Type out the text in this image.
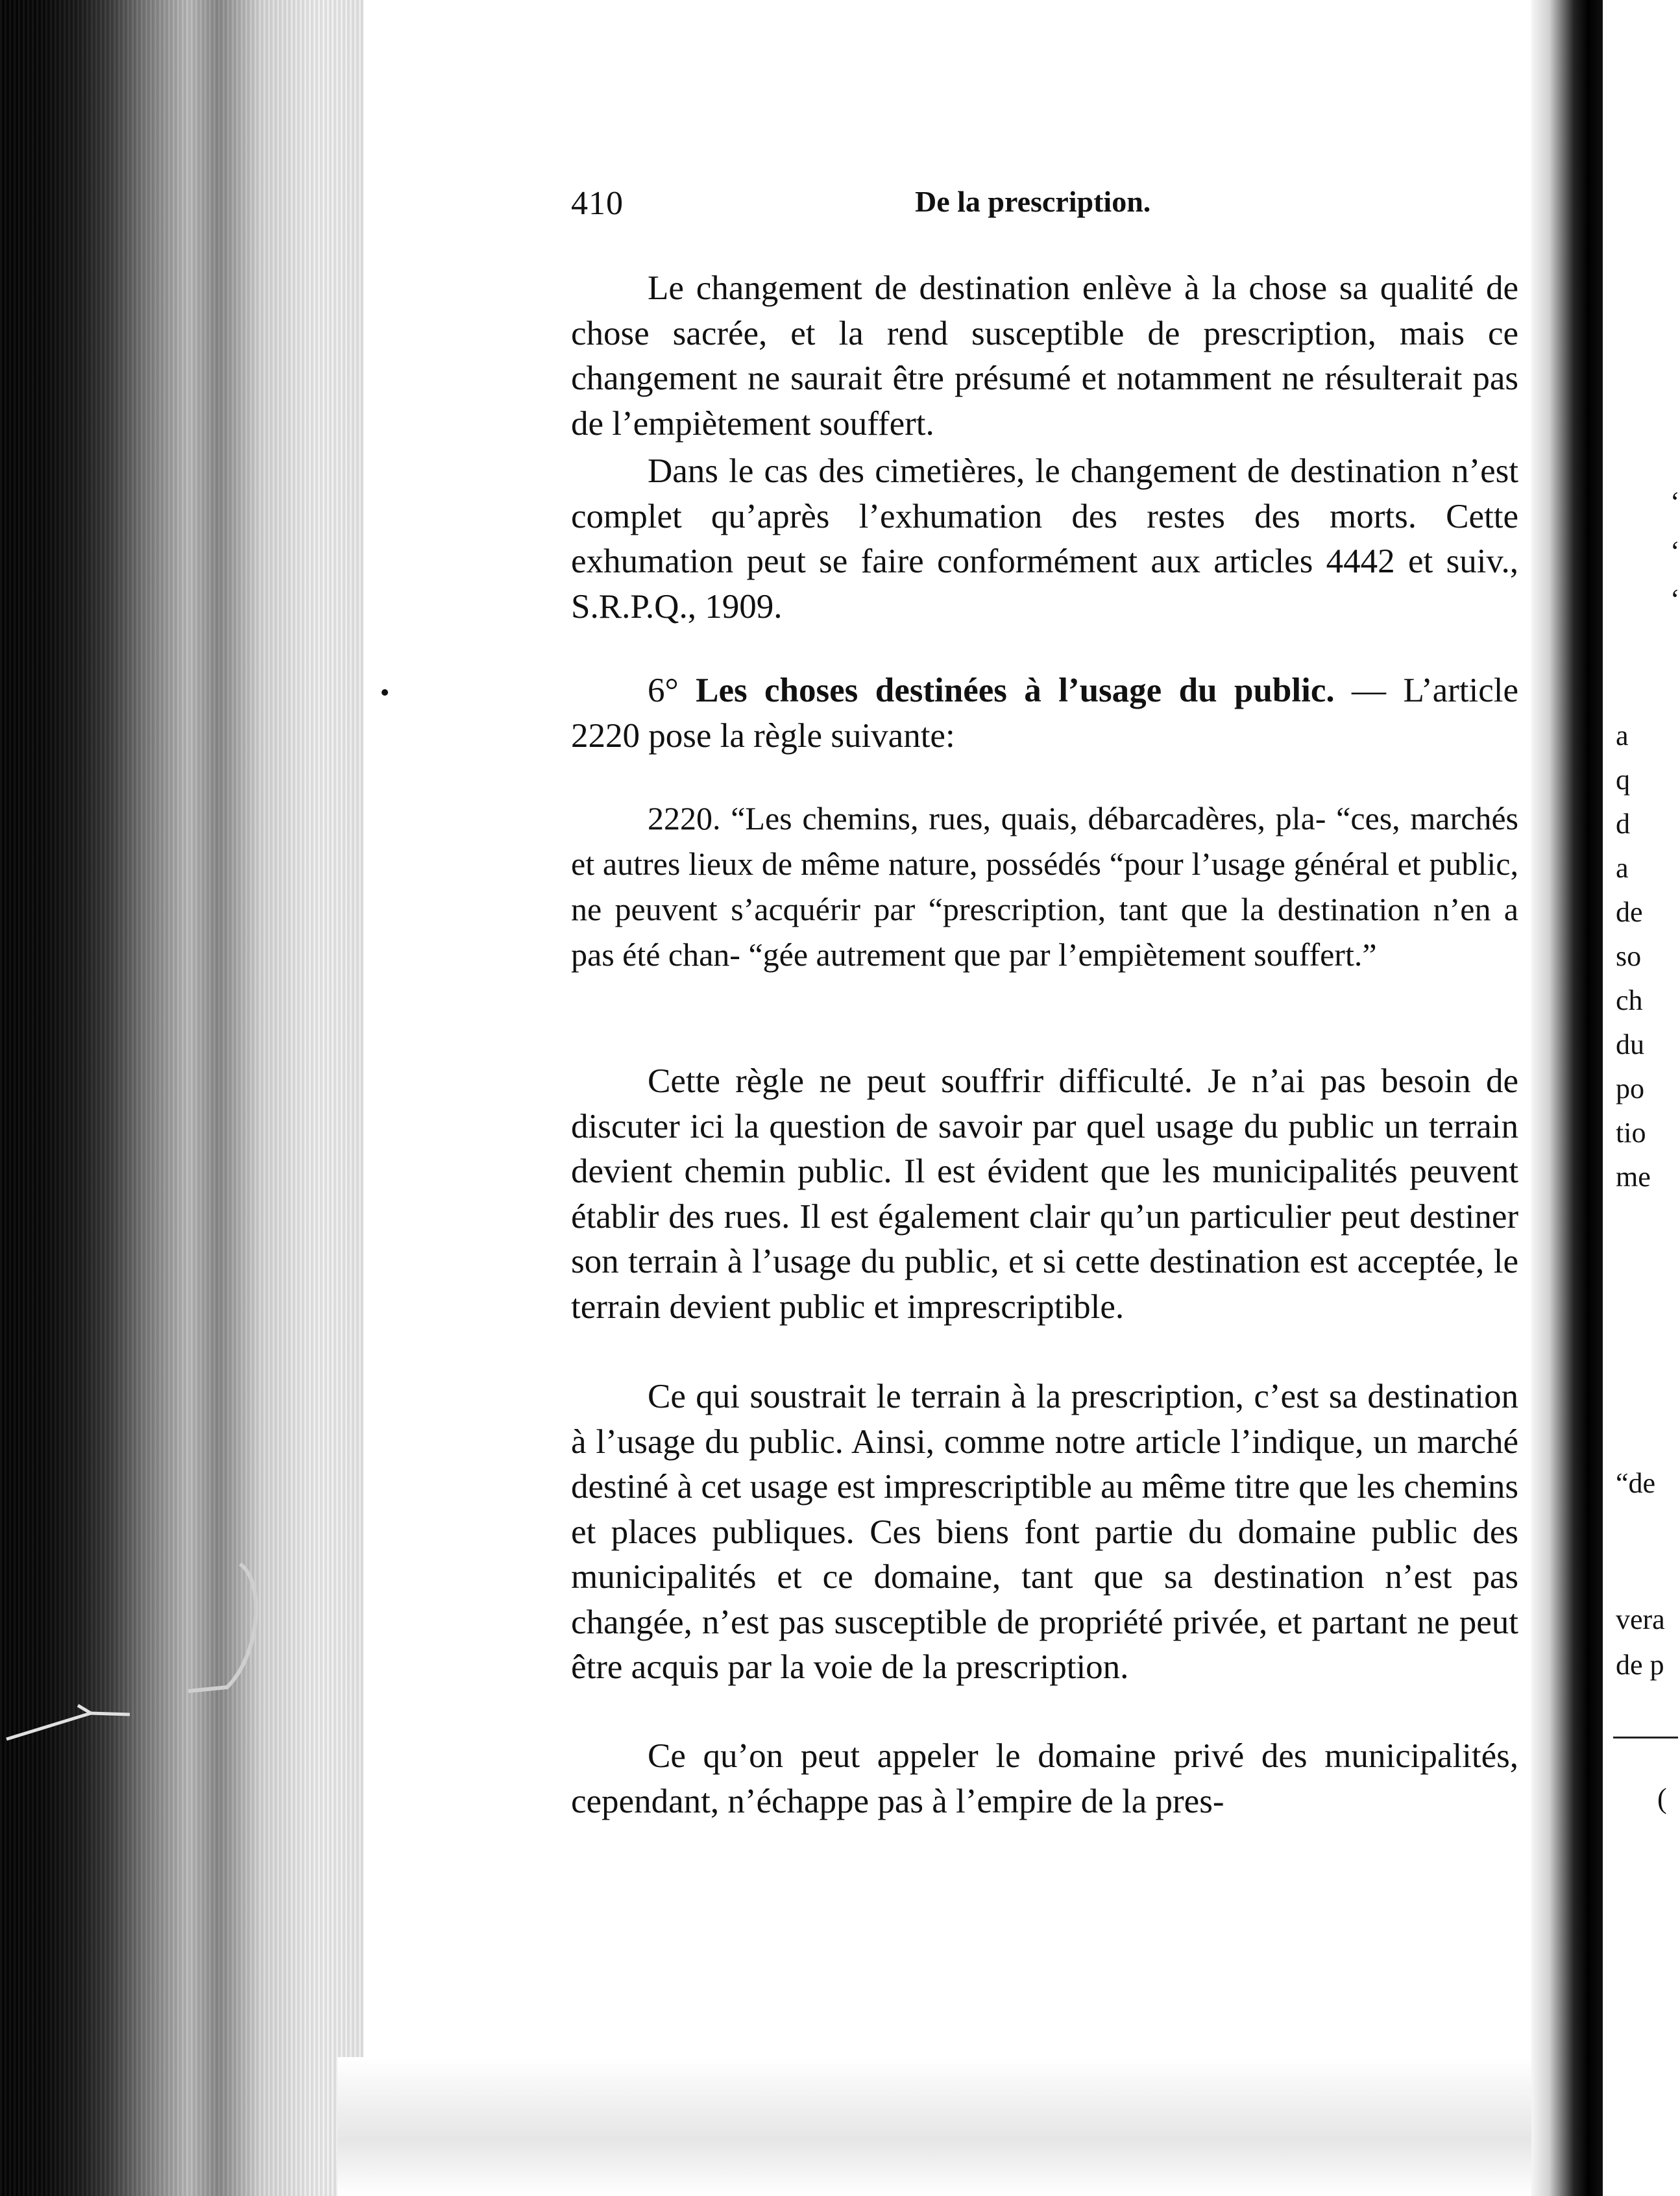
‘
‘
‘
a
q
d
a
de
so
ch
du
po
tio
me
“de
vera
de p
(
410	De la prescription.

Le changement de destination enlève à la chose sa qualité de chose sacrée, et la rend susceptible de prescription, mais ce changement ne saurait être présumé et notamment ne résulterait pas de l’empiètement souffert.

Dans le cas des cimetières, le changement de destination n’est complet qu’après l’exhumation des restes des morts. Cette exhumation peut se faire conformément aux articles 4442 et suiv., S.R.P.Q., 1909.

6° Les choses destinées à l’usage du public. — L’article 2220 pose la règle suivante:

2220. “Les chemins, rues, quais, débarcadères, pla- “ces, marchés et autres lieux de même nature, possédés “pour l’usage général et public, ne peuvent s’acquérir par “prescription, tant que la destination n’en a pas été chan- “gée autrement que par l’empiètement souffert.”

Cette règle ne peut souffrir difficulté. Je n’ai pas besoin de discuter ici la question de savoir par quel usage du public un terrain devient chemin public. Il est évident que les municipalités peuvent établir des rues. Il est également clair qu’un particulier peut destiner son terrain à l’usage du public, et si cette destination est acceptée, le terrain devient public et imprescriptible.

Ce qui soustrait le terrain à la prescription, c’est sa destination à l’usage du public. Ainsi, comme notre article l’indique, un marché destiné à cet usage est imprescriptible au même titre que les chemins et places publiques. Ces biens font partie du domaine public des municipalités et ce domaine, tant que sa destination n’est pas changée, n’est pas susceptible de propriété privée, et partant ne peut être acquis par la voie de la prescription.

Ce qu’on peut appeler le domaine privé des municipalités, cependant, n’échappe pas à l’empire de la pres-
